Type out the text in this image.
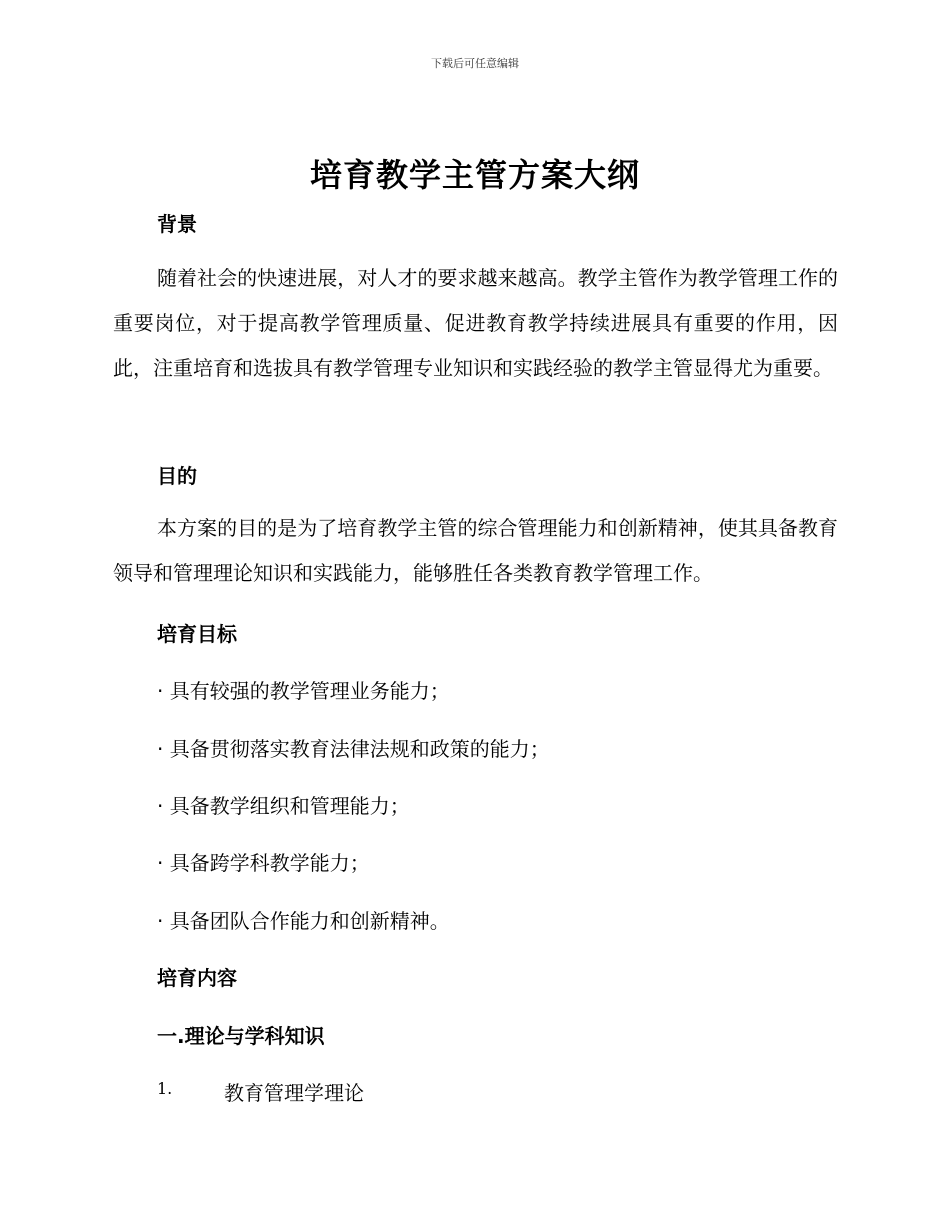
下载后可任意编辑
培育教学主管方案大纲
背景

随着社会的快速进展，对人才的要求越来越高。教学主管作为教学管理工作的重要岗位，对于提高教学管理质量、促进教育教学持续进展具有重要的作用，因此，注重培育和选拔具有教学管理专业知识和实践经验的教学主管显得尤为重要。

目的

本方案的目的是为了培育教学主管的综合管理能力和创新精神，使其具备教育领导和管理理论知识和实践能力，能够胜任各类教育教学管理工作。

培育目标
· 具有较强的教学管理业务能力；
· 具备贯彻落实教育法律法规和政策的能力；
· 具备教学组织和管理能力；
· 具备跨学科教学能力；
· 具备团队合作能力和创新精神。
培育内容
一.理论与学科知识
1.	教育管理学理论
